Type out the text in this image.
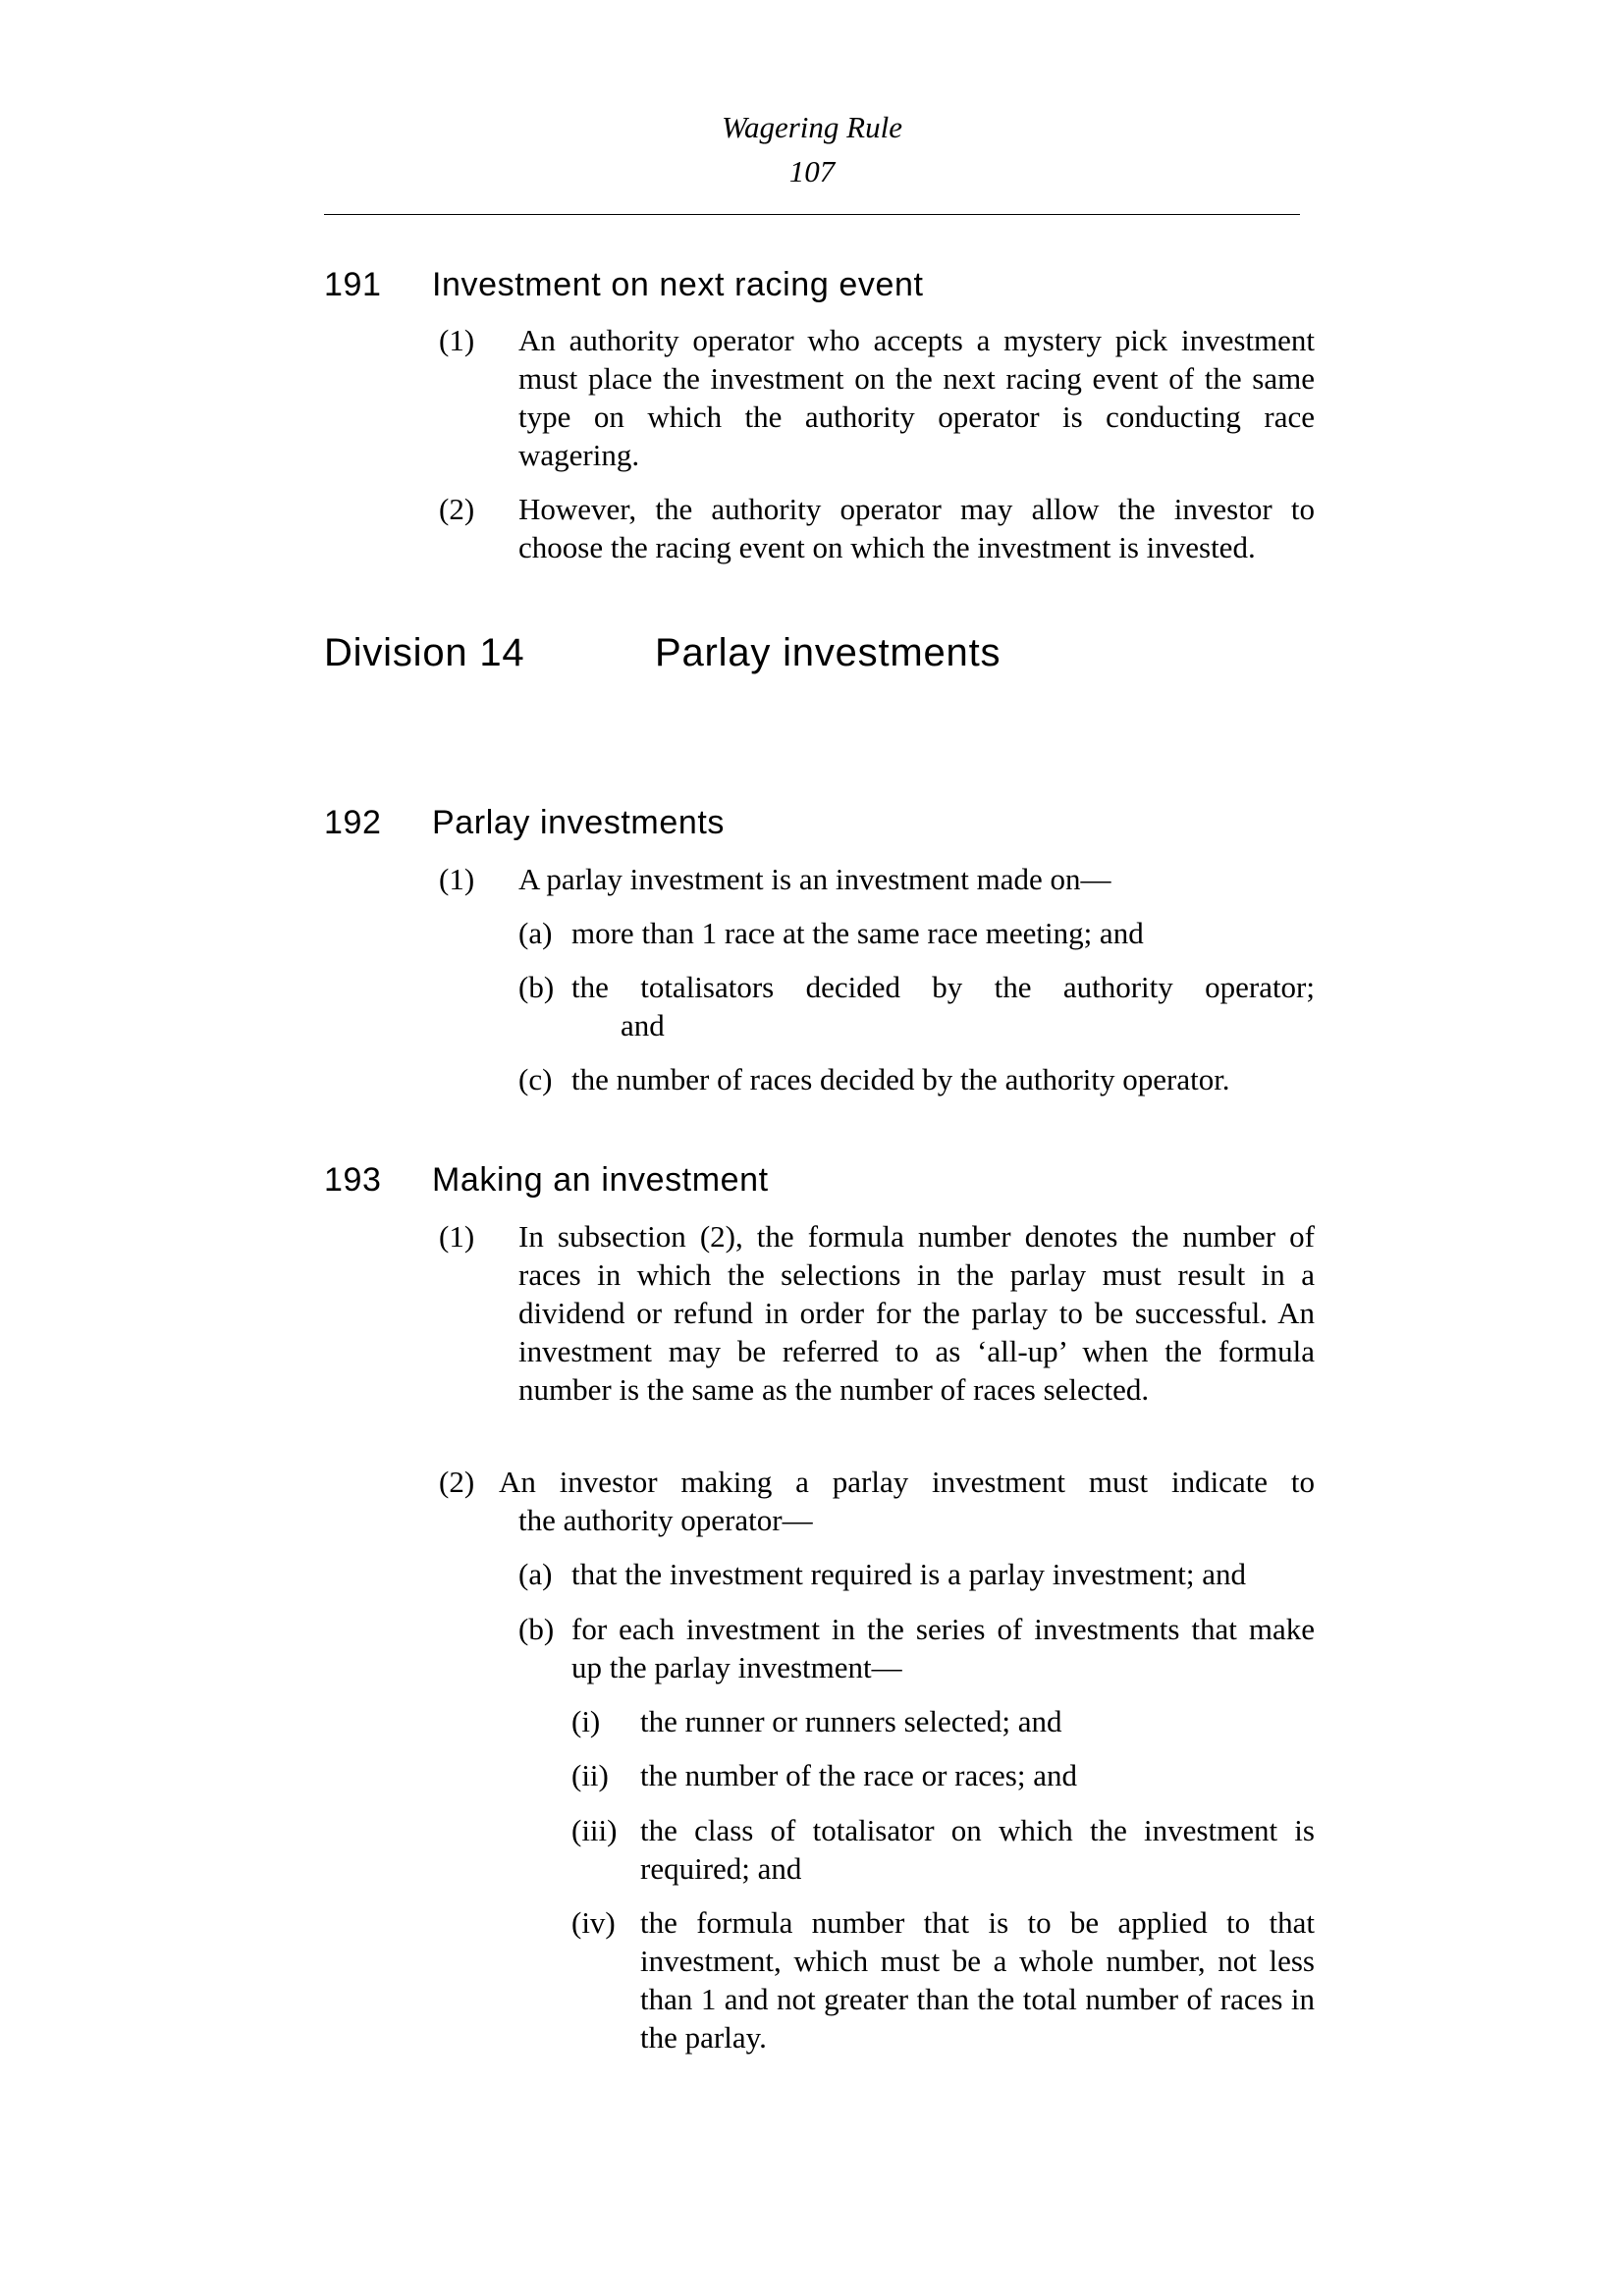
Wagering Rule
107
191 Investment on next racing event
(1) An authority operator who accepts a mystery pick investment must place the investment on the next racing event of the same type on which the authority operator is conducting race wagering.
(2) However, the authority operator may allow the investor to choose the racing event on which the investment is invested.
Division 14	Parlay investments
192 Parlay investments
(1) A parlay investment is an investment made on—
(a) more than 1 race at the same race meeting; and
(b) the totalisators decided by the authority operator;
and
(c) the number of races decided by the authority operator.
193 Making an investment
(1) In subsection (2), the formula number denotes the number of races in which the selections in the parlay must result in a dividend or refund in order for the parlay to be successful. An investment may be referred to as ‘all-up’ when the formula number is the same as the number of races selected.
(2) An investor making a parlay investment must indicate to
the authority operator—
(a) that the investment required is a parlay investment; and
(b) for each investment in the series of investments that make up the parlay investment—
(i) the runner or runners selected; and
(ii) the number of the race or races; and
(iii) the class of totalisator on which the investment is required; and
(iv) the formula number that is to be applied to that investment, which must be a whole number, not less than 1 and not greater than the total number of races in the parlay.
